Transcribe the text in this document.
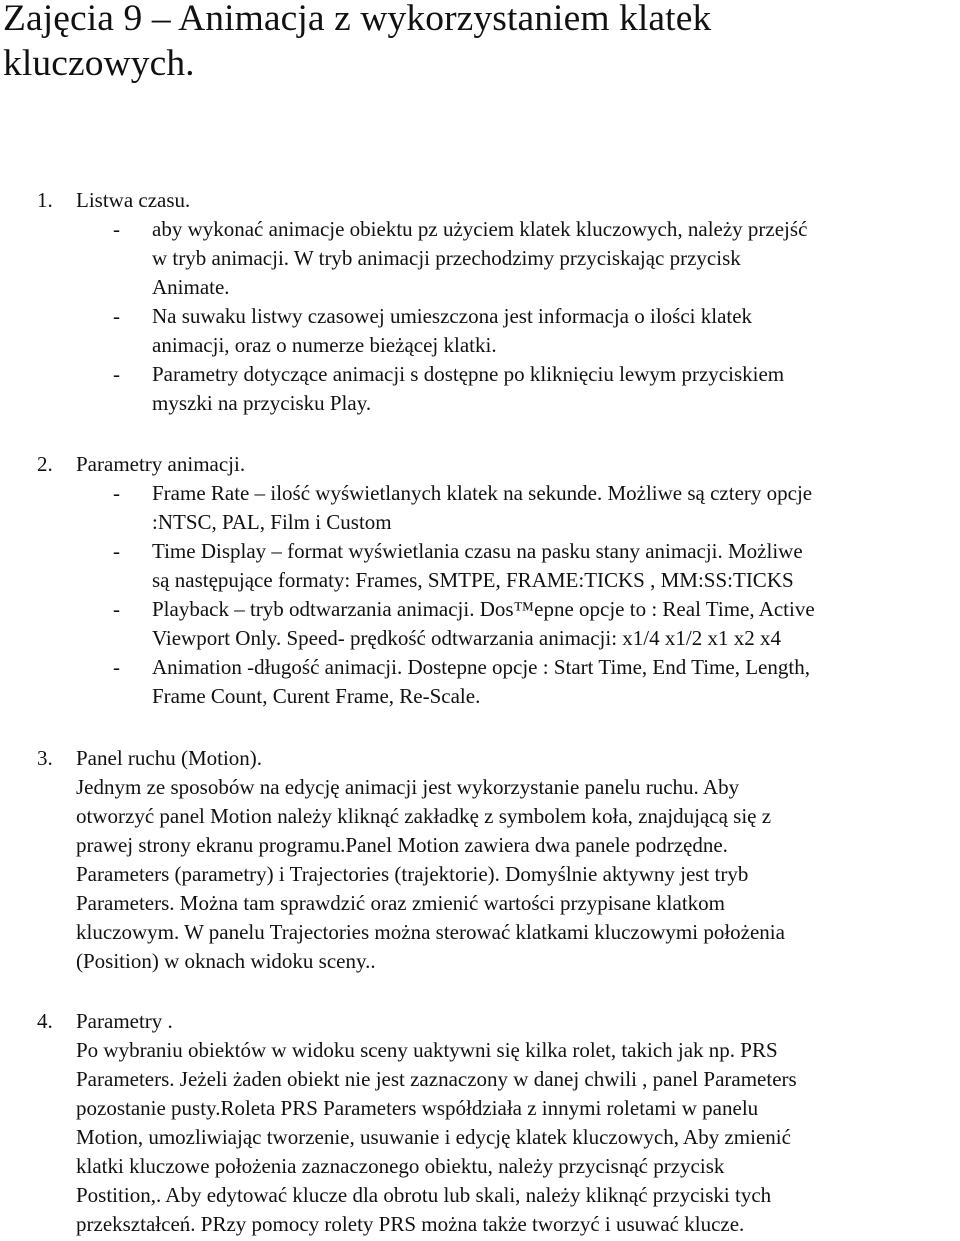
Zajęcia 9 – Animacja z wykorzystaniem klatek
kluczowych.
1. Listwa czasu.
- aby wykonać animacje obiektu pz użyciem klatek kluczowych, należy przejść
w tryb animacji. W tryb animacji przechodzimy przyciskając przycisk
Animate.
- Na suwaku listwy czasowej umieszczona jest informacja o ilości klatek
animacji, oraz o numerze bieżącej klatki.
- Parametry dotyczące animacji s dostępne po kliknięciu lewym przyciskiem
myszki na przycisku Play.
2. Parametry animacji.
- Frame Rate – ilość wyświetlanych klatek na sekunde. Możliwe są cztery opcje
:NTSC, PAL, Film i Custom
- Time Display – format wyświetlania czasu na pasku stany animacji. Możliwe
są następujące formaty: Frames, SMTPE, FRAME:TICKS , MM:SS:TICKS
- Playback – tryb odtwarzania animacji. Dos™epne opcje to : Real Time, Active
Viewport Only. Speed- prędkość odtwarzania animacji: x1/4 x1/2 x1 x2 x4
- Animation -długość animacji. Dostepne opcje : Start Time, End Time, Length,
Frame Count, Curent Frame, Re-Scale.
3. Panel ruchu (Motion).
Jednym ze sposobów na edycję animacji jest wykorzystanie panelu ruchu. Aby
otworzyć panel Motion należy kliknąć zakładkę z symbolem koła, znajdującą się z
prawej strony ekranu programu.Panel Motion zawiera dwa panele podrzędne.
Parameters (parametry) i Trajectories (trajektorie). Domyślnie aktywny jest tryb
Parameters. Można tam sprawdzić oraz zmienić wartości przypisane klatkom
kluczowym. W panelu Trajectories można sterować klatkami kluczowymi położenia
(Position) w oknach widoku sceny..
4. Parametry .
Po wybraniu obiektów w widoku sceny uaktywni się kilka rolet, takich jak np. PRS
Parameters. Jeżeli żaden obiekt nie jest zaznaczony w danej chwili , panel Parameters
pozostanie pusty.Roleta PRS Parameters współdziała z innymi roletami w panelu
Motion, umozliwiając tworzenie, usuwanie i edycję klatek kluczowych, Aby zmienić
klatki kluczowe położenia zaznaczonego obiektu, należy przycisnąć przycisk
Postition,. Aby edytować klucze dla obrotu lub skali, należy kliknąć przyciski tych
przekształceń. PRzy pomocy rolety PRS można także tworzyć i usuwać klucze.
